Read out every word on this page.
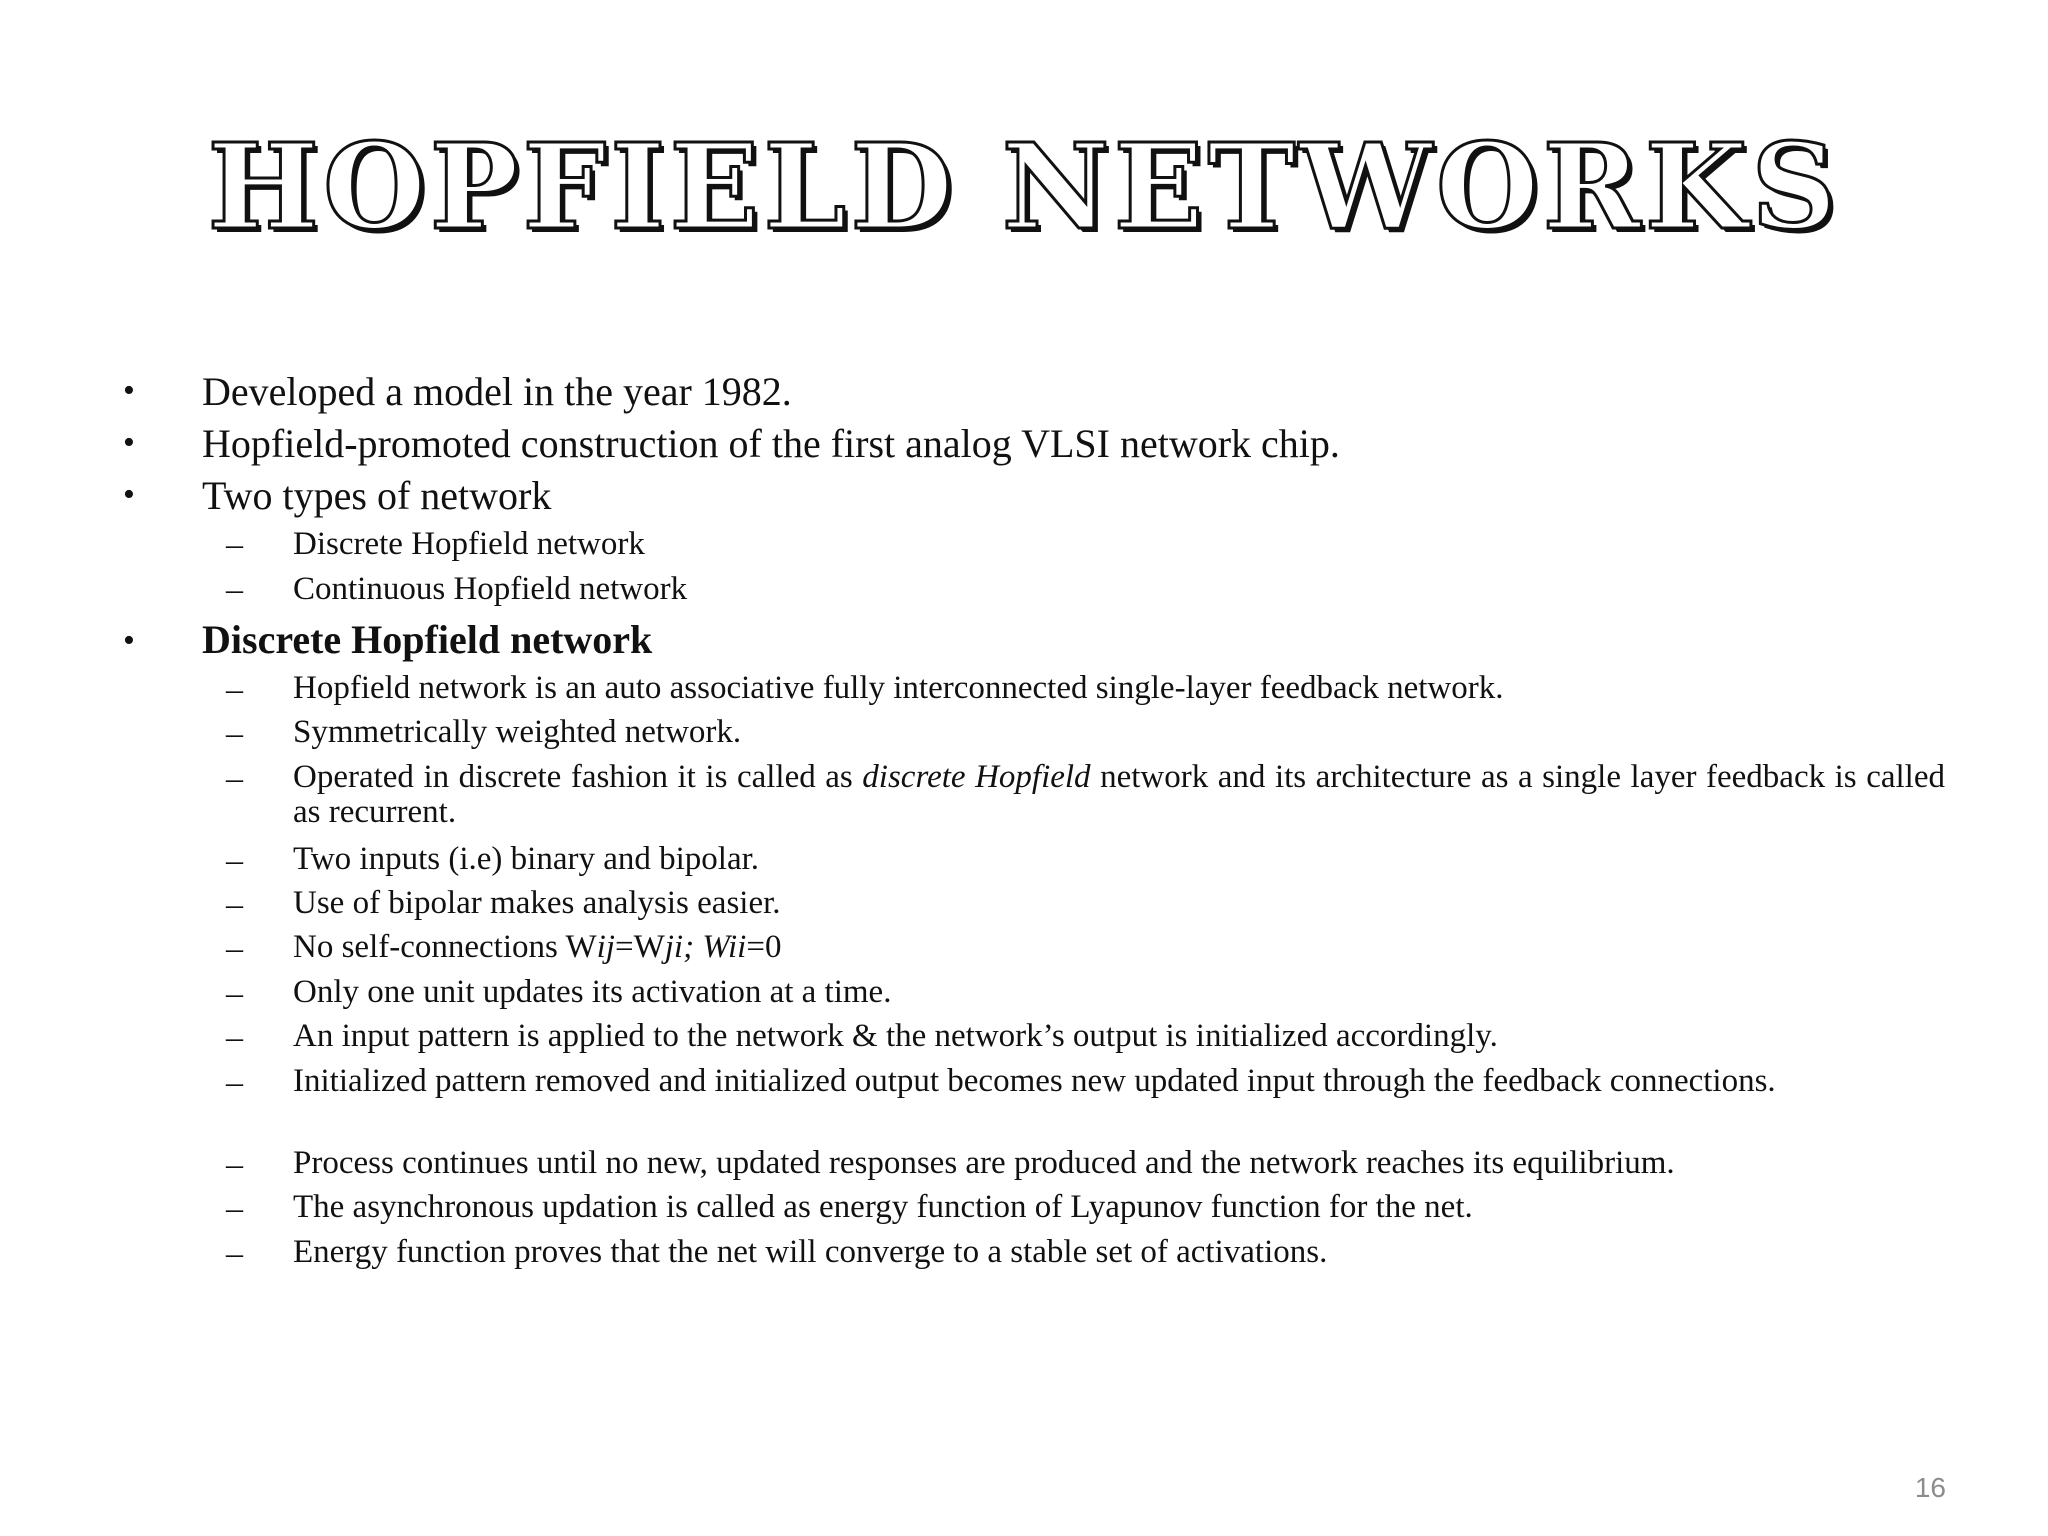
HOPFIELD NETWORKS
• Developed a model in the year 1982.
• Hopfield-promoted construction of the first analog VLSI network chip.
• Two types of network
– Discrete Hopfield network
– Continuous Hopfield network
• Discrete Hopfield network
– Hopfield network is an auto associative fully interconnected single-layer feedback network.
– Symmetrically weighted network.
– Operated in discrete fashion it is called as discrete Hopfield network and its architecture as a single layer feedback is called as recurrent.
– Two inputs (i.e) binary and bipolar.
– Use of bipolar makes analysis easier.
– No self-connections Wij=Wji; Wii=0
– Only one unit updates its activation at a time.
– An input pattern is applied to the network & the network’s output is initialized accordingly.
– Initialized pattern removed and initialized output becomes new updated input through the feedback connections.
– Process continues until no new, updated responses are produced and the network reaches its equilibrium.
– The asynchronous updation is called as energy function of Lyapunov function for the net.
– Energy function proves that the net will converge to a stable set of activations.
16
